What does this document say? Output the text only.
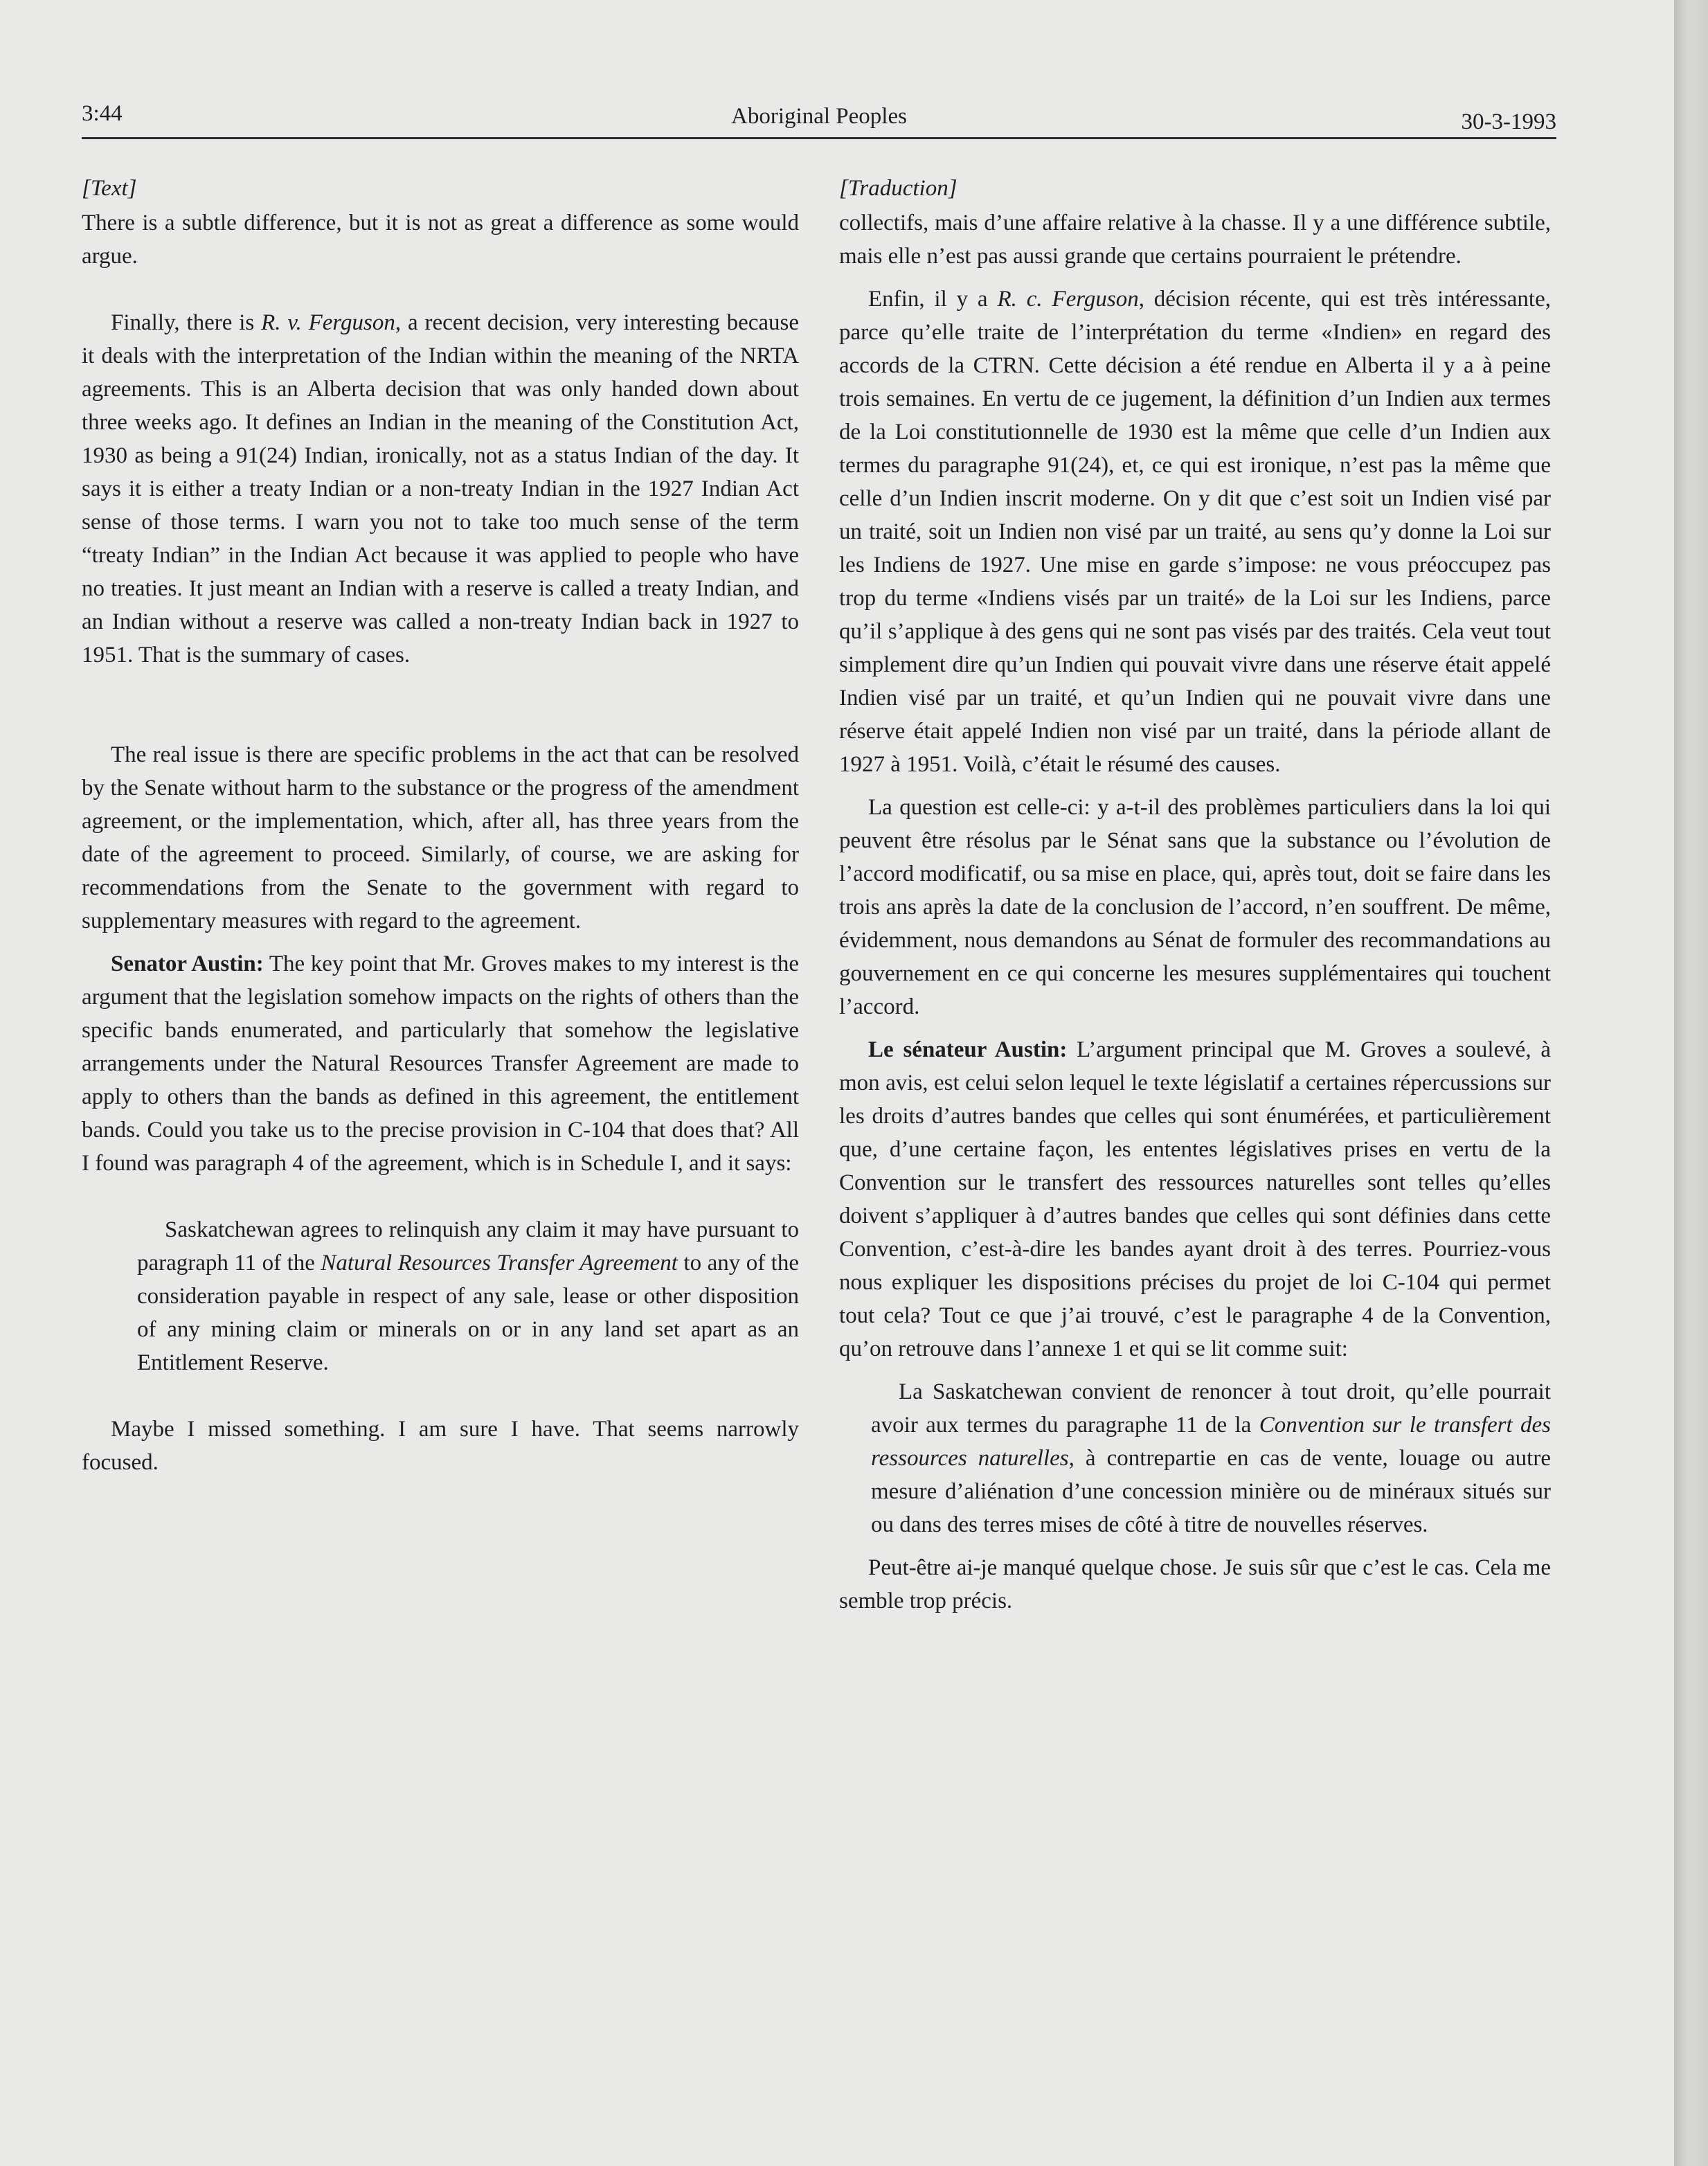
3:44	Aboriginal Peoples	30-3-1993

[Text]

There is a subtle difference, but it is not as great a difference as some would argue.

Finally, there is R. v. Ferguson, a recent decision, very interesting because it deals with the interpretation of the Indian within the meaning of the NRTA agreements. This is an Alberta decision that was only handed down about three weeks ago. It defines an Indian in the meaning of the Constitution Act, 1930 as being a 91(24) Indian, ironically, not as a status Indian of the day. It says it is either a treaty Indian or a non-treaty Indian in the 1927 Indian Act sense of those terms. I warn you not to take too much sense of the term “treaty Indian” in the Indian Act because it was applied to people who have no treaties. It just meant an Indian with a reserve is called a treaty Indian, and an Indian without a reserve was called a non-treaty Indian back in 1927 to 1951. That is the summary of cases.

The real issue is there are specific problems in the act that can be resolved by the Senate without harm to the substance or the progress of the amendment agreement, or the implementation, which, after all, has three years from the date of the agreement to proceed. Similarly, of course, we are asking for recommendations from the Senate to the government with regard to supplementary measures with regard to the agreement.

Senator Austin: The key point that Mr. Groves makes to my interest is the argument that the legislation somehow impacts on the rights of others than the specific bands enumerated, and particularly that somehow the legislative arrangements under the Natural Resources Transfer Agreement are made to apply to others than the bands as defined in this agreement, the entitlement bands. Could you take us to the precise provision in C-104 that does that? All I found was paragraph 4 of the agreement, which is in Schedule I, and it says:

Saskatchewan agrees to relinquish any claim it may have pursuant to paragraph 11 of the Natural Resources Transfer Agreement to any of the consideration payable in respect of any sale, lease or other disposition of any mining claim or minerals on or in any land set apart as an Entitlement Reserve.

Maybe I missed something. I am sure I have. That seems narrowly focused.

[Traduction]

collectifs, mais d’une affaire relative à la chasse. Il y a une différence subtile, mais elle n’est pas aussi grande que certains pourraient le prétendre.

Enfin, il y a R. c. Ferguson, décision récente, qui est très intéressante, parce qu’elle traite de l’interprétation du terme «Indien» en regard des accords de la CTRN. Cette décision a été rendue en Alberta il y a à peine trois semaines. En vertu de ce jugement, la définition d’un Indien aux termes de la Loi constitutionnelle de 1930 est la même que celle d’un Indien aux termes du paragraphe 91(24), et, ce qui est ironique, n’est pas la même que celle d’un Indien inscrit moderne. On y dit que c’est soit un Indien visé par un traité, soit un Indien non visé par un traité, au sens qu’y donne la Loi sur les Indiens de 1927. Une mise en garde s’impose: ne vous préoccupez pas trop du terme «Indiens visés par un traité» de la Loi sur les Indiens, parce qu’il s’applique à des gens qui ne sont pas visés par des traités. Cela veut tout simplement dire qu’un Indien qui pouvait vivre dans une réserve était appelé Indien visé par un traité, et qu’un Indien qui ne pouvait vivre dans une réserve était appelé Indien non visé par un traité, dans la période allant de 1927 à 1951. Voilà, c’était le résumé des causes.

La question est celle-ci: y a-t-il des problèmes particuliers dans la loi qui peuvent être résolus par le Sénat sans que la substance ou l’évolution de l’accord modificatif, ou sa mise en place, qui, après tout, doit se faire dans les trois ans après la date de la conclusion de l’accord, n’en souffrent. De même, évidemment, nous demandons au Sénat de formuler des recommandations au gouvernement en ce qui concerne les mesures supplémentaires qui touchent l’accord.

Le sénateur Austin: L’argument principal que M. Groves a soulevé, à mon avis, est celui selon lequel le texte législatif a certaines répercussions sur les droits d’autres bandes que celles qui sont énumérées, et particulièrement que, d’une certaine façon, les ententes législatives prises en vertu de la Convention sur le transfert des ressources naturelles sont telles qu’elles doivent s’appliquer à d’autres bandes que celles qui sont définies dans cette Convention, c’est-à-dire les bandes ayant droit à des terres. Pourriez-vous nous expliquer les dispositions précises du projet de loi C-104 qui permet tout cela? Tout ce que j’ai trouvé, c’est le paragraphe 4 de la Convention, qu’on retrouve dans l’annexe 1 et qui se lit comme suit:

La Saskatchewan convient de renoncer à tout droit, qu’elle pourrait avoir aux termes du paragraphe 11 de la Convention sur le transfert des ressources naturelles, à contrepartie en cas de vente, louage ou autre mesure d’aliénation d’une concession minière ou de minéraux situés sur ou dans des terres mises de côté à titre de nouvelles réserves.

Peut-être ai-je manqué quelque chose. Je suis sûr que c’est le cas. Cela me semble trop précis.
